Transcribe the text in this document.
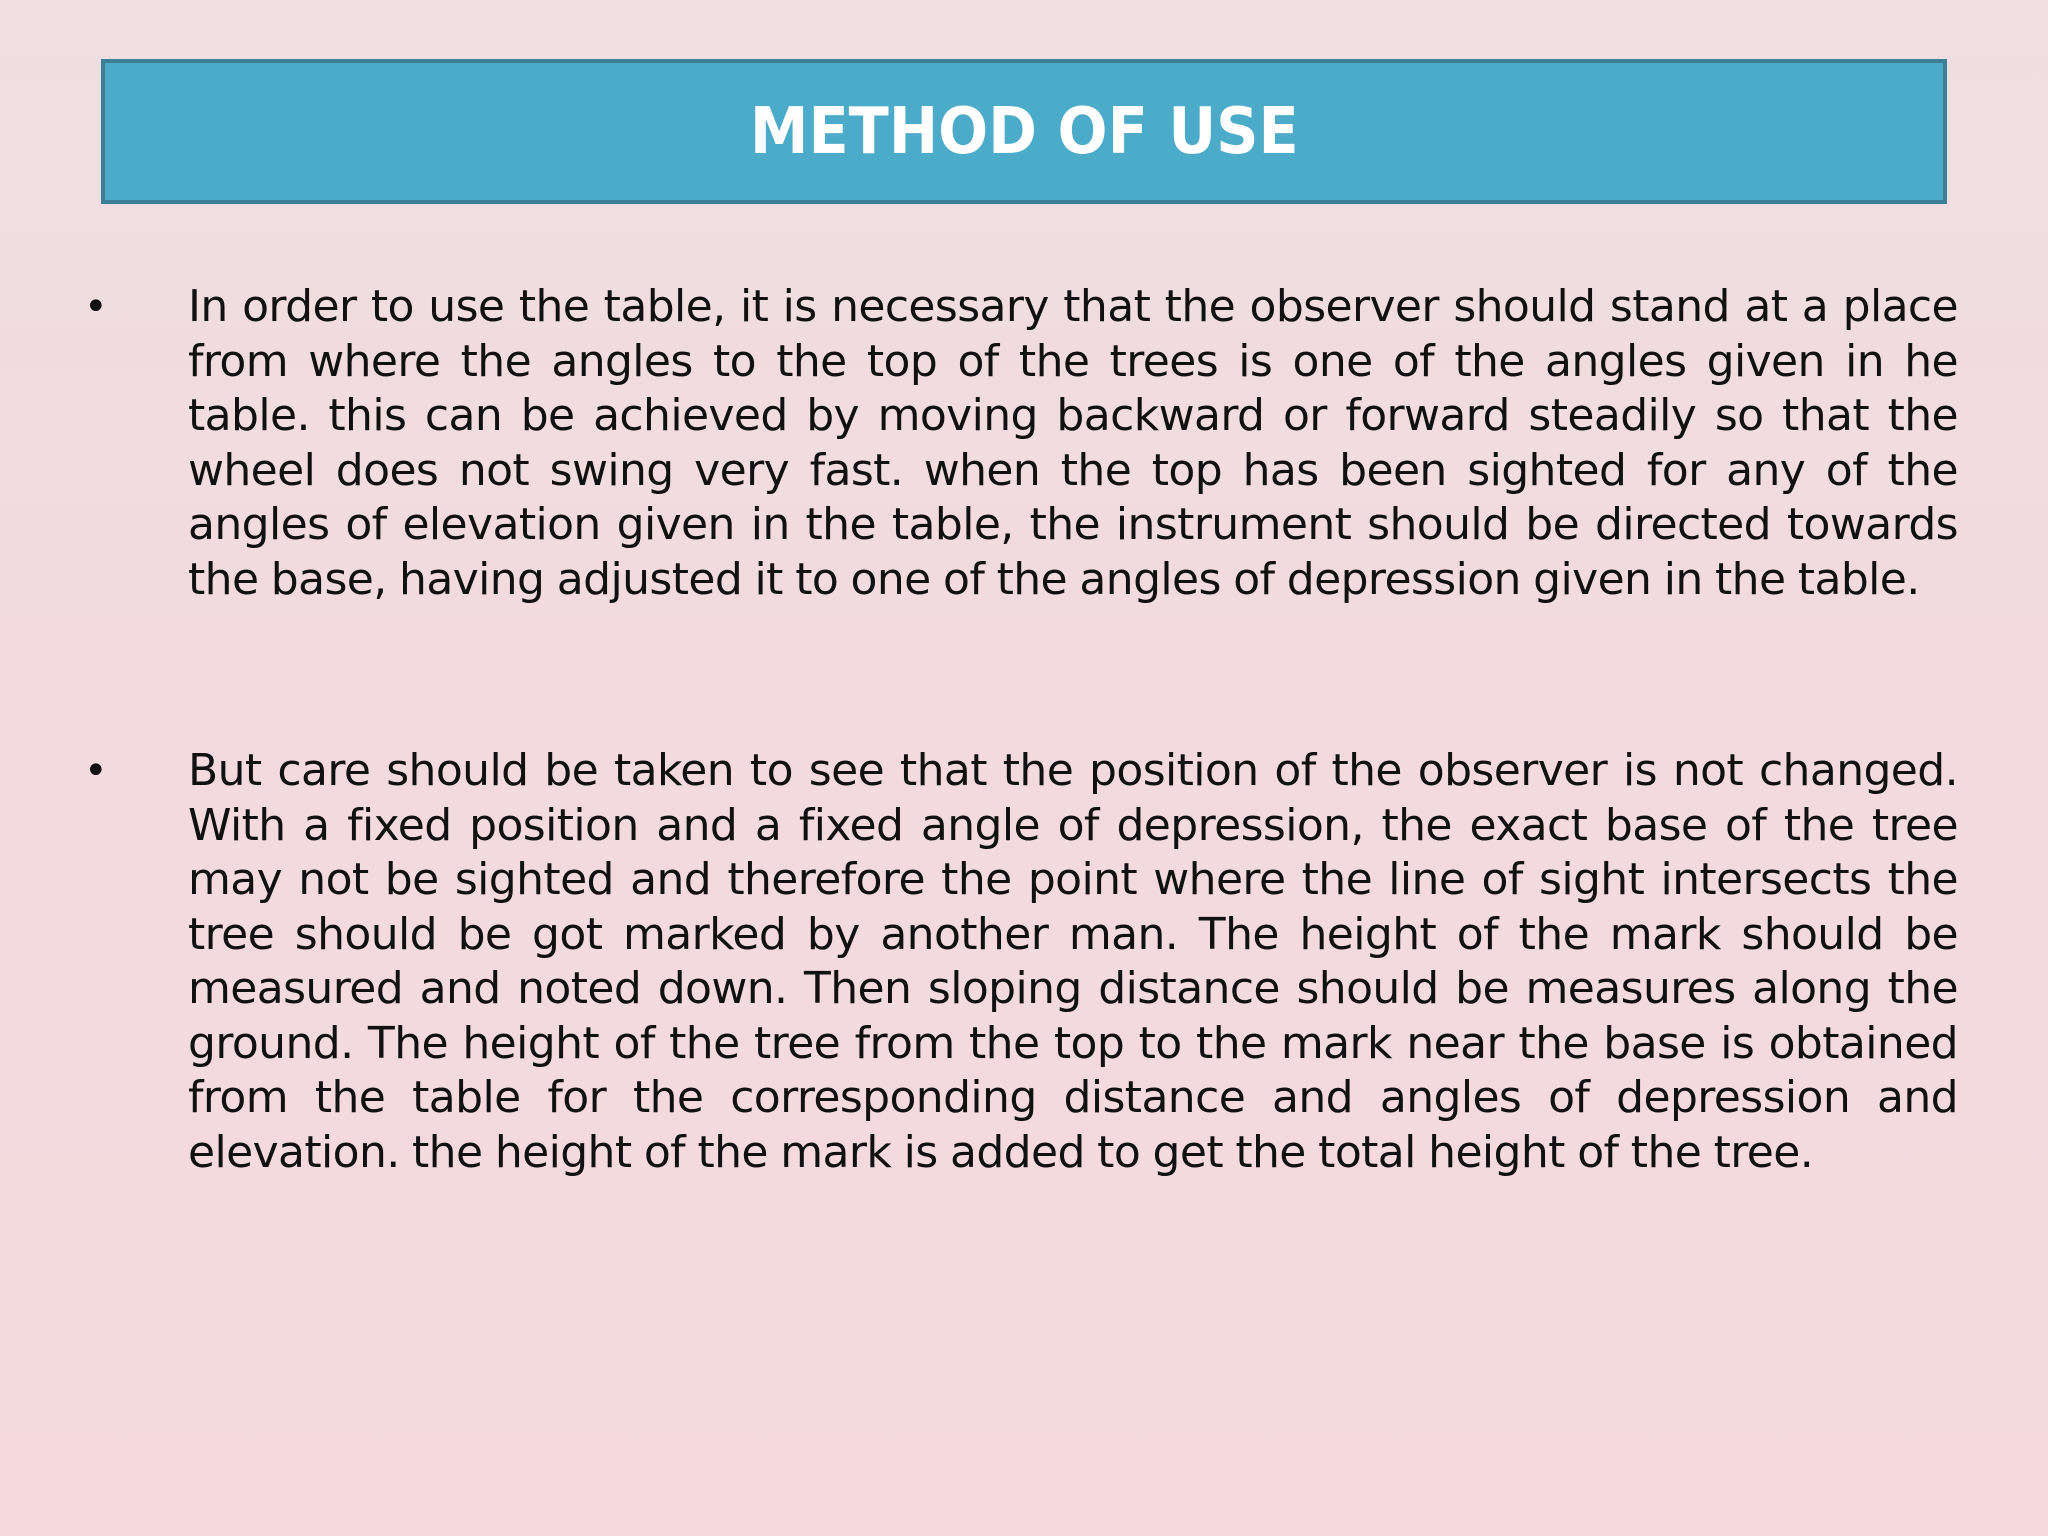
METHOD OF USE
• In order to use the table, it is necessary that the observer should stand at a place from where the angles to the top of the trees is one of the angles given in he table. this can be achieved by moving backward or forward steadily so that the wheel does not swing very fast. when the top has been sighted for any of the angles of elevation given in the table, the instrument should be directed towards the base, having adjusted it to one of the angles of depression given in the table.
• But care should be taken to see that the position of the observer is not changed. With a fixed position and a fixed angle of depression, the exact base of the tree may not be sighted and therefore the point where the line of sight intersects the tree should be got marked by another man. The height of the mark should be measured and noted down. Then sloping distance should be measures along the ground. The height of the tree from the top to the mark near the base is obtained from the table for the corresponding distance and angles of depression and elevation. the height of the mark is added to get the total height of the tree.
